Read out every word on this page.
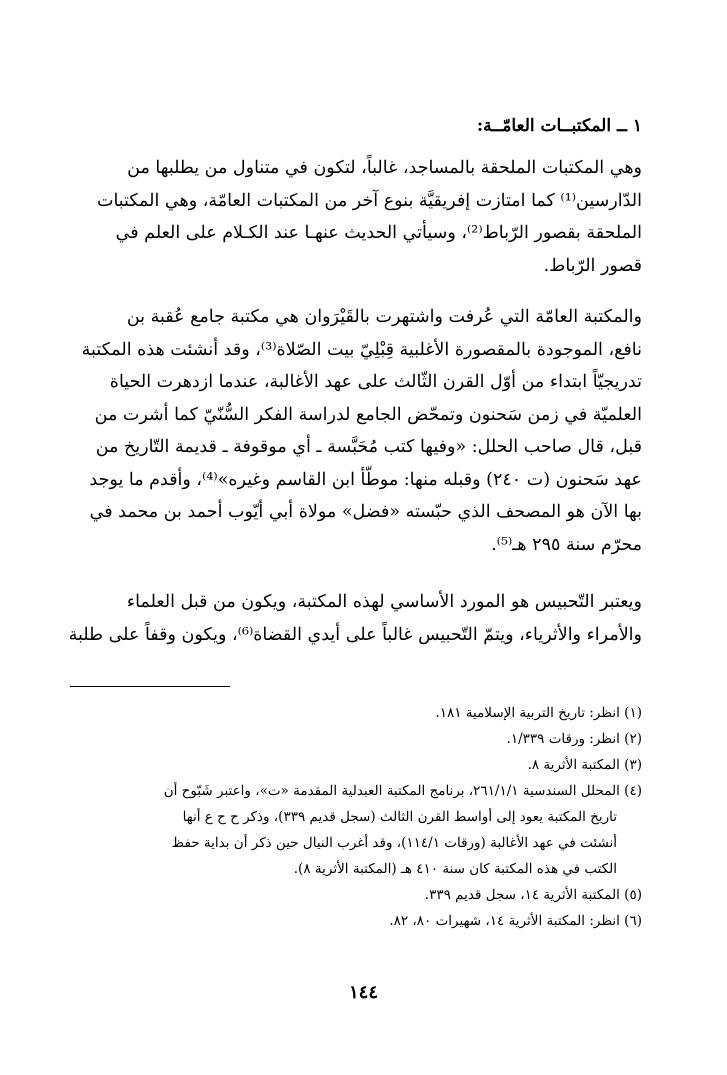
١ ــ المكتبــات العامّــة:
وهي المكتبات الملحقة بالمساجد، غالباً، لتكون في متناول من يطلبها من
الدّارسين⁽¹⁾ كما امتازت إفريقيَّة بنوع آخر من المكتبات العامّة، وهي المكتبات
الملحقة بقصور الرّباط⁽²⁾، وسيأتي الحديث عنهـا عند الكـلام على العلم في
قصور الرّباط.
والمكتبة العامّة التي عُرفت واشتهرت بالقَيْرَوان هي مكتبة جامع عُقبة بن
نافع، الموجودة بالمقصورة الأغلبية قِبْلِيّ بيت الصّلاة⁽³⁾، وقد أنشئت هذه المكتبة
تدريجيّاً ابتداء من أوّل القرن الثّالث على عهد الأغالبة، عندما ازدهرت الحياة
العلميّة في زمن سَحنون وتمحّض الجامع لدراسة الفكر السُّنّيّ كما أشرت من
قبل، قال صاحب الحلل: «وفيها كتب مُحَبَّسة ـ أي موقوفة ـ قديمة التّاريخ من
عهد سَحنون (ت ٢٤٠) وقبله منها: موطّأ ابن القاسم وغيره»⁽⁴⁾، وأقدم ما يوجد
بها الآن هو المصحف الذي حبّسته «فضل» مولاة أبي أيّوب أحمد بن محمد في
محرّم سنة ٢٩٥ هـ⁽⁵⁾.
ويعتبر التّحبيس هو المورد الأساسي لهذه المكتبة، ويكون من قبل العلماء
والأمراء والأثرياء، ويتمّ التّحبيس غالباً على أيدي القضاة⁽⁶⁾، ويكون وقفاً على طلبة
(١) انظر: تاريخ التربية الإسلامية ١٨١.
(٢) انظر: ورقات ١/٣٣٩.
(٣) المكتبة الأثرية ٨.
(٤) المحلل السندسية ٢٦١/١/١، برنامج المكتبة العبدلية المقدمة «ت»، واعتبر شَبّوح أن
تاريخ المكتبة يعود إلى أواسط القرن الثالث (سجل قديم ٣٣٩)، وذكر ح ح ع أنها
أنشئت في عهد الأغالبة (ورقات ١١٤/١)، وقد أغرب النيال حين ذكر أن بداية حفظ
الكتب في هذه المكتبة كان سنة ٤١٠ هـ (المكتبة الأثرية ٨).
(٥) المكتبة الأثرية ١٤، سجل قديم ٣٣٩.
(٦) انظر: المكتبة الأثرية ١٤، شهيرات ٨٠، ٨٢.
١٤٤
